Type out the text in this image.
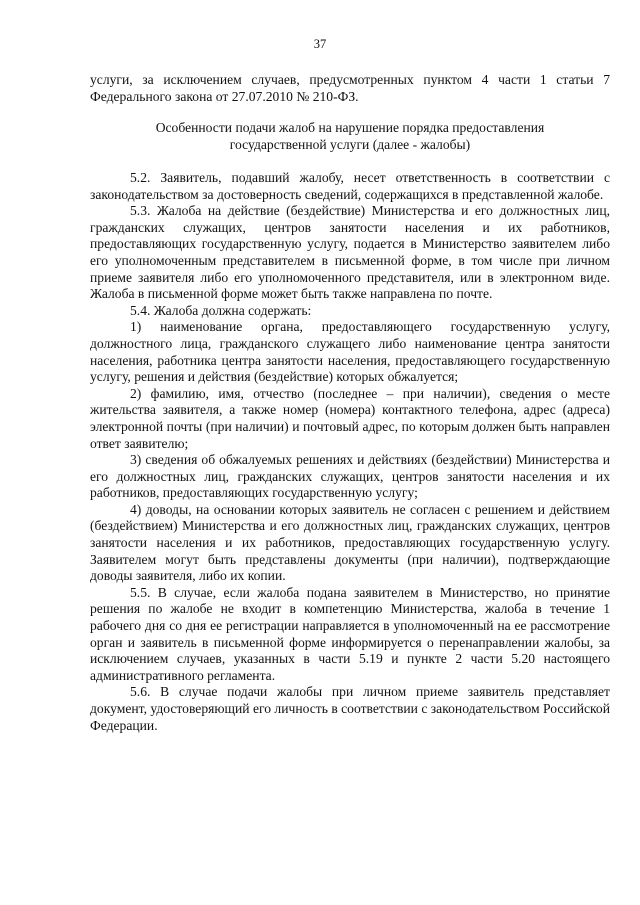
37
услуги, за исключением случаев, предусмотренных пунктом 4 части 1 статьи 7 Федерального закона от 27.07.2010 № 210-ФЗ.
Особенности подачи жалоб на нарушение порядка предоставления государственной услуги (далее - жалобы)

5.2. Заявитель, подавший жалобу, несет ответственность в соответствии с законодательством за достоверность сведений, содержащихся в представленной жалобе.

5.3. Жалоба на действие (бездействие) Министерства и его должностных лиц, гражданских служащих, центров занятости населения и их работников, предоставляющих государственную услугу, подается в Министерство заявителем либо его уполномоченным представителем в письменной форме, в том числе при личном приеме заявителя либо его уполномоченного представителя, или в электронном виде. Жалоба в письменной форме может быть также направлена по почте.

5.4. Жалоба должна содержать:

1) наименование органа, предоставляющего государственную услугу, должностного лица, гражданского служащего либо наименование центра занятости населения, работника центра занятости населения, предоставляющего государственную услугу, решения и действия (бездействие) которых обжалуется;

2) фамилию, имя, отчество (последнее – при наличии), сведения о месте жительства заявителя, а также номер (номера) контактного телефона, адрес (адреса) электронной почты (при наличии) и почтовый адрес, по которым должен быть направлен ответ заявителю;

3) сведения об обжалуемых решениях и действиях (бездействии) Министерства и его должностных лиц, гражданских служащих, центров занятости населения и их работников, предоставляющих государственную услугу;

4) доводы, на основании которых заявитель не согласен с решением и действием (бездействием) Министерства и его должностных лиц, гражданских служащих, центров занятости населения и их работников, предоставляющих государственную услугу. Заявителем могут быть представлены документы (при наличии), подтверждающие доводы заявителя, либо их копии.

5.5. В случае, если жалоба подана заявителем в Министерство, но принятие решения по жалобе не входит в компетенцию Министерства, жалоба в течение 1 рабочего дня со дня ее регистрации направляется в уполномоченный на ее рассмотрение орган и заявитель в письменной форме информируется о перенаправлении жалобы, за исключением случаев, указанных в части 5.19 и пункте 2 части 5.20 настоящего административного регламента.

5.6. В случае подачи жалобы при личном приеме заявитель представляет документ, удостоверяющий его личность в соответствии с законодательством Российской Федерации.
